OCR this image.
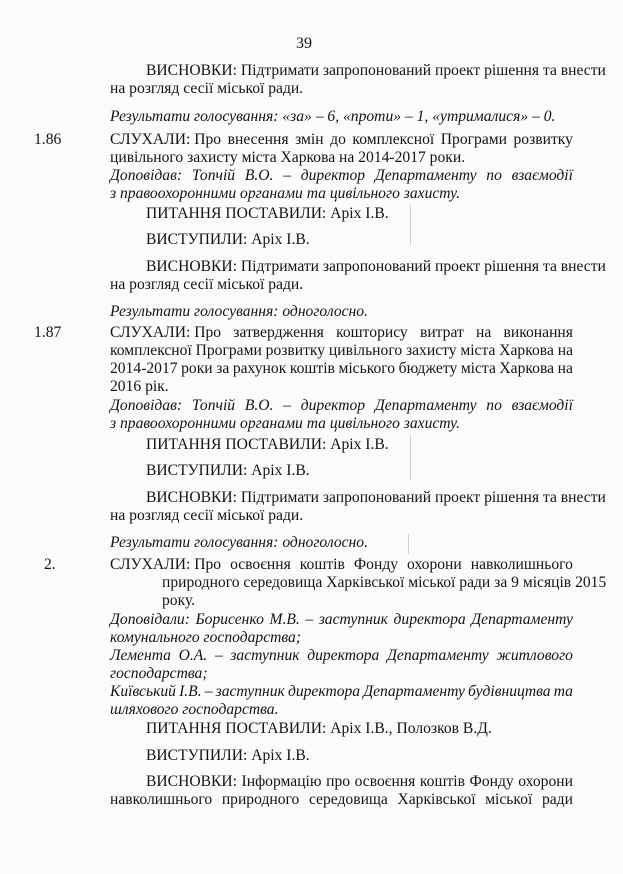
39
ВИСНОВКИ: Підтримати запропонований проект рішення та внести
на розгляд сесії міської ради.
Результати голосування: «за» – 6, «проти» – 1, «утрималися» – 0.
1.86	СЛУХАЛИ: Про внесення змін до комплексної Програми розвитку
цивільного захисту міста Харкова на 2014-2017 роки.
Доповідав: Топчій В.О. – директор Департаменту по взаємодії
з правоохоронними органами та цивільного захисту.
ПИТАННЯ ПОСТАВИЛИ: Аріх І.В.
ВИСТУПИЛИ: Аріх І.В.
ВИСНОВКИ: Підтримати запропонований проект рішення та внести
на розгляд сесії міської ради.
Результати голосування: одноголосно.
1.87	СЛУХАЛИ: Про затвердження кошторису витрат на виконання
комплексної Програми розвитку цивільного захисту міста Харкова на
2014-2017 роки за рахунок коштів міського бюджету міста Харкова на
2016 рік.
Доповідав: Топчій В.О. – директор Департаменту по взаємодії
з правоохоронними органами та цивільного захисту.
ПИТАННЯ ПОСТАВИЛИ: Аріх І.В.
ВИСТУПИЛИ: Аріх І.В.
ВИСНОВКИ: Підтримати запропонований проект рішення та внести
на розгляд сесії міської ради.
Результати голосування: одноголосно.
2.	СЛУХАЛИ: Про освоєння коштів Фонду охорони навколишнього
природного середовища Харківської міської ради за 9 місяців 2015
року.
Доповідали: Борисенко М.В. – заступник директора Департаменту
комунального господарства;
Лемента О.А. – заступник директора Департаменту житлового
господарства;
Київський І.В. – заступник директора Департаменту будівництва та
шляхового господарства.
ПИТАННЯ ПОСТАВИЛИ: Аріх І.В., Полозков В.Д.
ВИСТУПИЛИ: Аріх І.В.
ВИСНОВКИ: Інформацію про освоєння коштів Фонду охорони
навколишнього природного середовища Харківської міської ради
